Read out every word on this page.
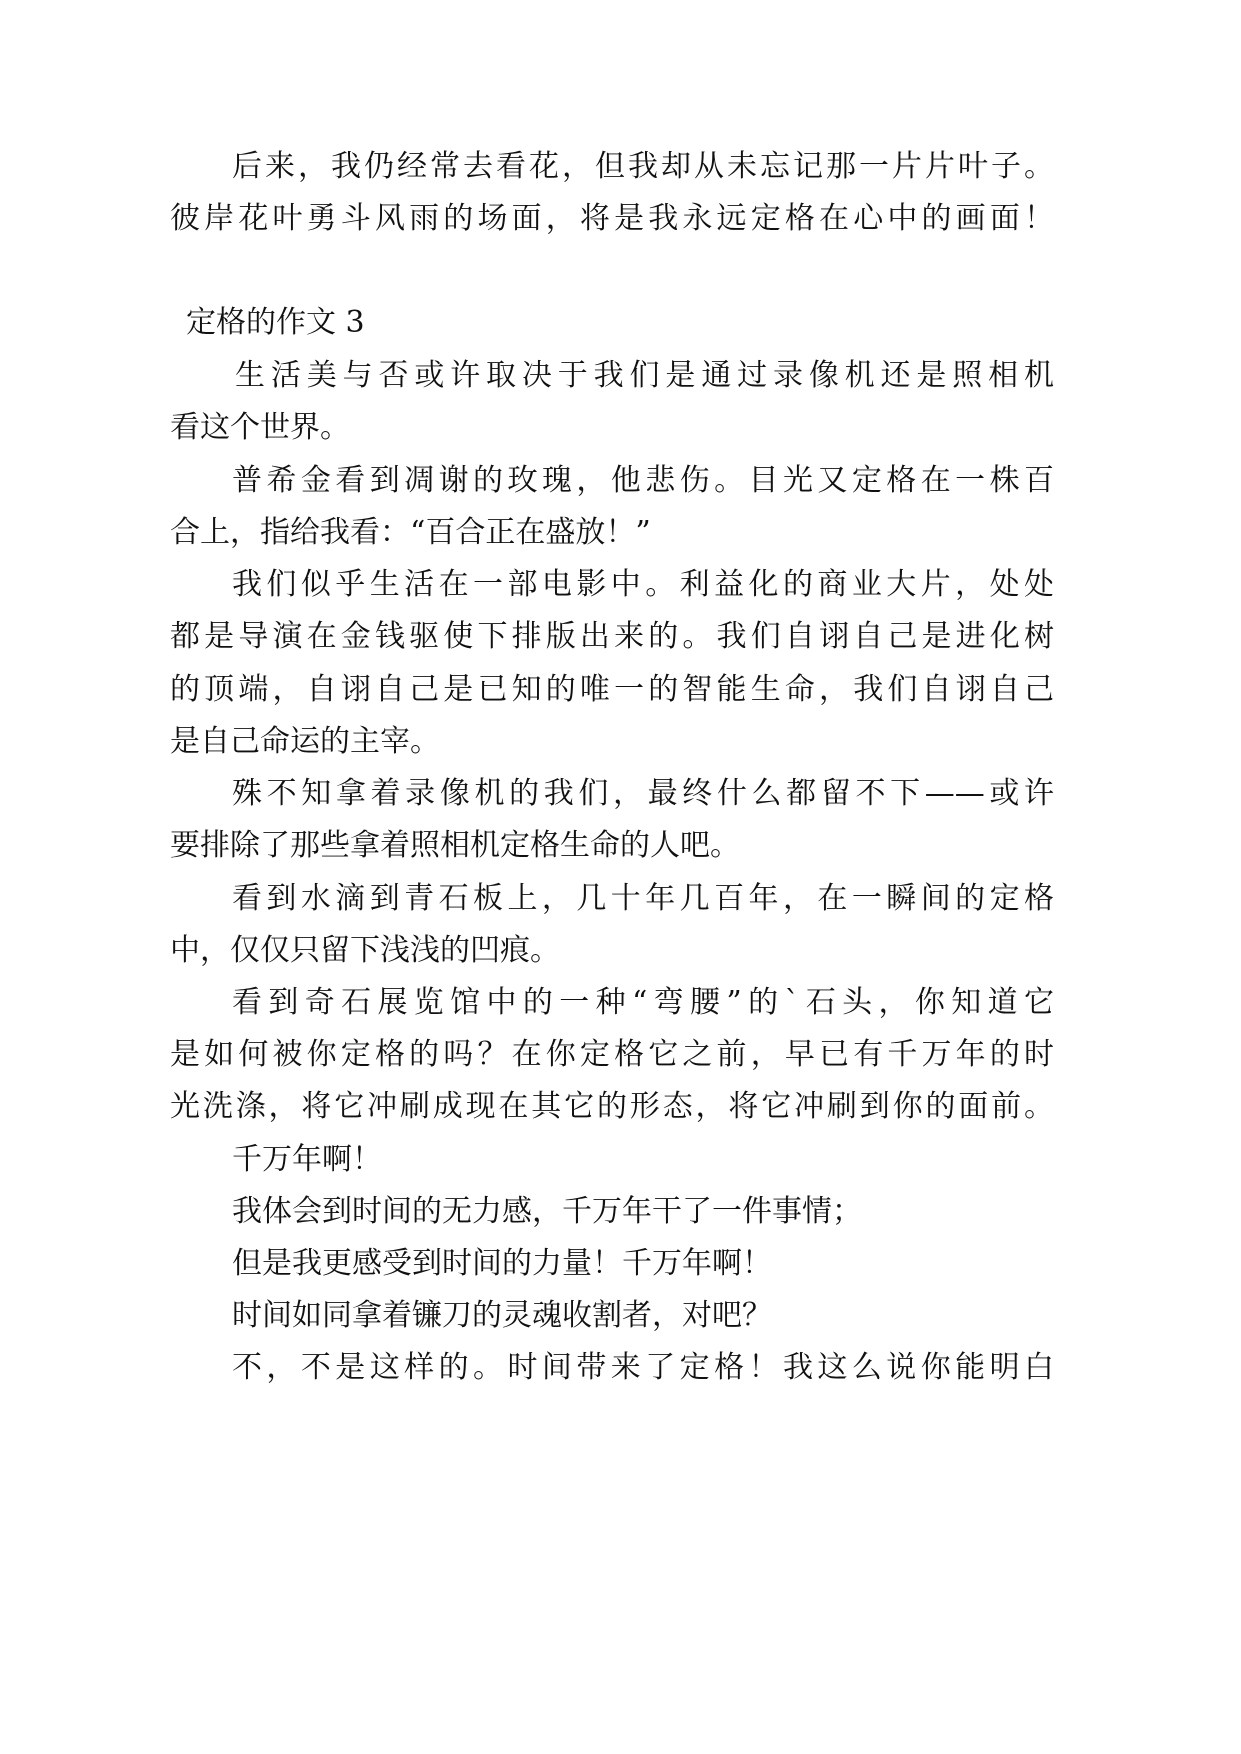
后来，我仍经常去看花，但我却从未忘记那一片片叶子。
彼岸花叶勇斗风雨的场面，将是我永远定格在心中的画面！
定格的作文 3
生活美与否或许取决于我们是通过录像机还是照相机
看这个世界。
普希金看到凋谢的玫瑰，他悲伤。目光又定格在一株百
合上，指给我看：“百合正在盛放！”
我们似乎生活在一部电影中。利益化的商业大片，处处
都是导演在金钱驱使下排版出来的。我们自诩自己是进化树
的顶端，自诩自己是已知的唯一的智能生命，我们自诩自己
是自己命运的主宰。
殊不知拿着录像机的我们，最终什么都留不下——或许
要排除了那些拿着照相机定格生命的人吧。
看到水滴到青石板上，几十年几百年，在一瞬间的定格
中，仅仅只留下浅浅的凹痕。
看到奇石展览馆中的一种“弯腰”的`石头，你知道它
是如何被你定格的吗？在你定格它之前，早已有千万年的时
光洗涤，将它冲刷成现在其它的形态，将它冲刷到你的面前。
千万年啊！
我体会到时间的无力感，千万年干了一件事情；
但是我更感受到时间的力量！千万年啊！
时间如同拿着镰刀的灵魂收割者，对吧？
不，不是这样的。时间带来了定格！我这么说你能明白
